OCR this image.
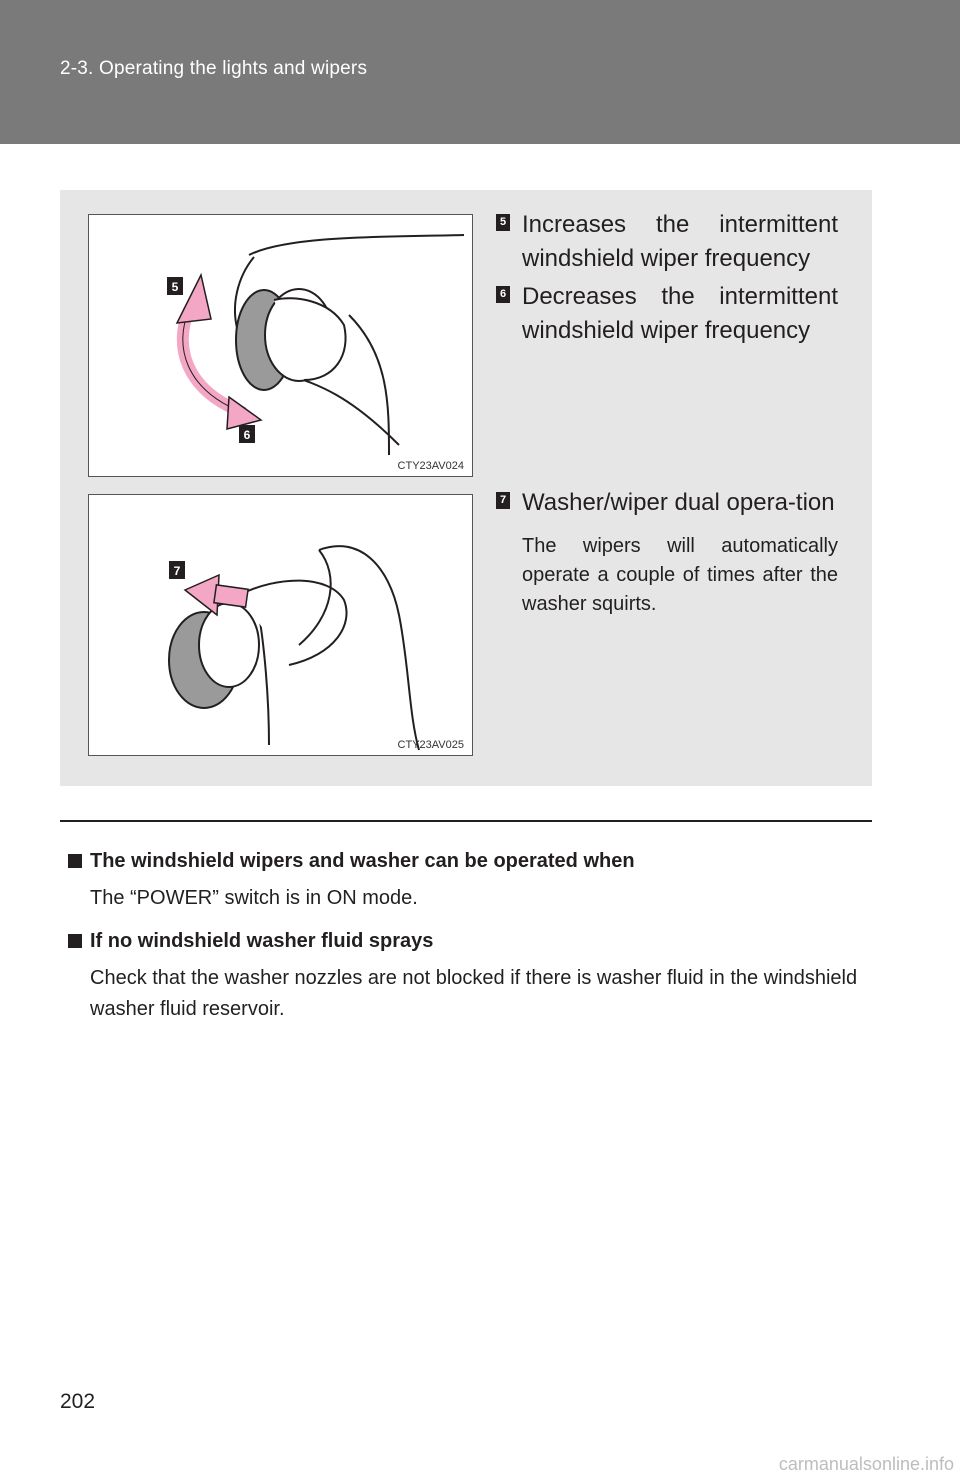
2-3. Operating the lights and wipers
5
6
CTY23AV024
7
CTY23AV025
5 Increases the intermittent windshield wiper frequency
6 Decreases the intermittent windshield wiper frequency
7 Washer/wiper dual opera-tion
The wipers will automatically operate a couple of times after the washer squirts.
The windshield wipers and washer can be operated when
The “POWER” switch is in ON mode.
If no windshield washer fluid sprays
Check that the washer nozzles are not blocked if there is washer fluid in the windshield washer fluid reservoir.
202
carmanualsonline.info
